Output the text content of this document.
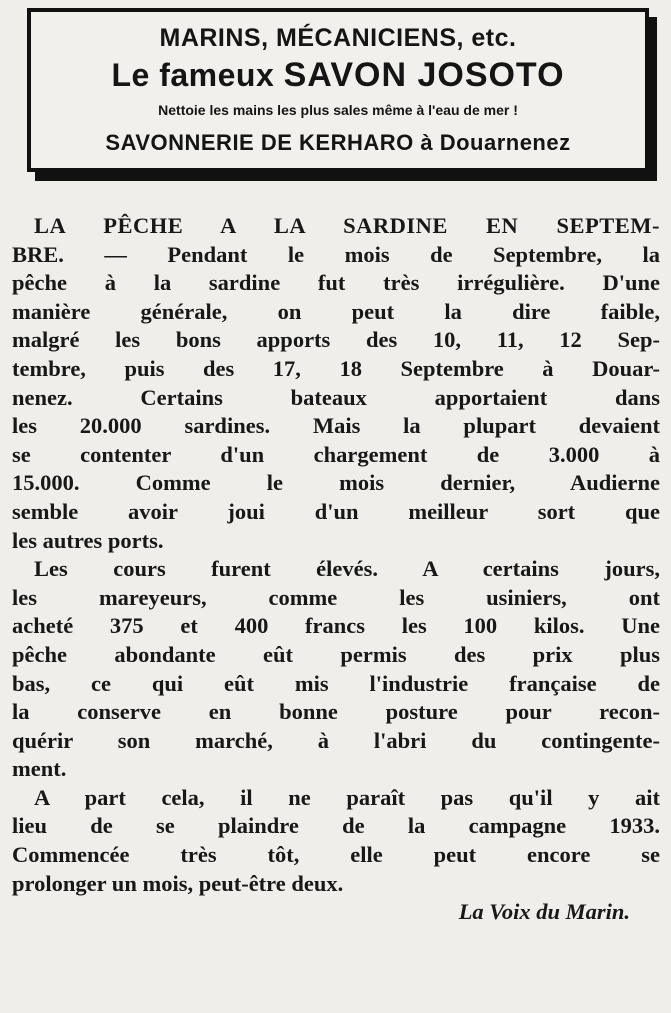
MARINS, MÉCANICIENS, etc.
Le fameux SAVON JOSOTO
Nettoie les mains les plus sales même à l'eau de mer !
SAVONNERIE DE KERHARO à Douarnenez
LA PÊCHE A LA SARDINE EN SEPTEM-
BRE. — Pendant le mois de Septembre, la
pêche à la sardine fut très irrégulière. D'une
manière générale, on peut la dire faible,
malgré les bons apports des 10, 11, 12 Sep-
tembre, puis des 17, 18 Septembre à Douar-
nenez. Certains bateaux apportaient dans
les 20.000 sardines. Mais la plupart devaient
se contenter d'un chargement de 3.000 à
15.000. Comme le mois dernier, Audierne
semble avoir joui d'un meilleur sort que
les autres ports.
Les cours furent élevés. A certains jours,
les mareyeurs, comme les usiniers, ont
acheté 375 et 400 francs les 100 kilos. Une
pêche abondante eût permis des prix plus
bas, ce qui eût mis l'industrie française de
la conserve en bonne posture pour recon-
quérir son marché, à l'abri du contingente-
ment.
A part cela, il ne paraît pas qu'il y ait
lieu de se plaindre de la campagne 1933.
Commencée très tôt, elle peut encore se
prolonger un mois, peut-être deux.
La Voix du Marin.
